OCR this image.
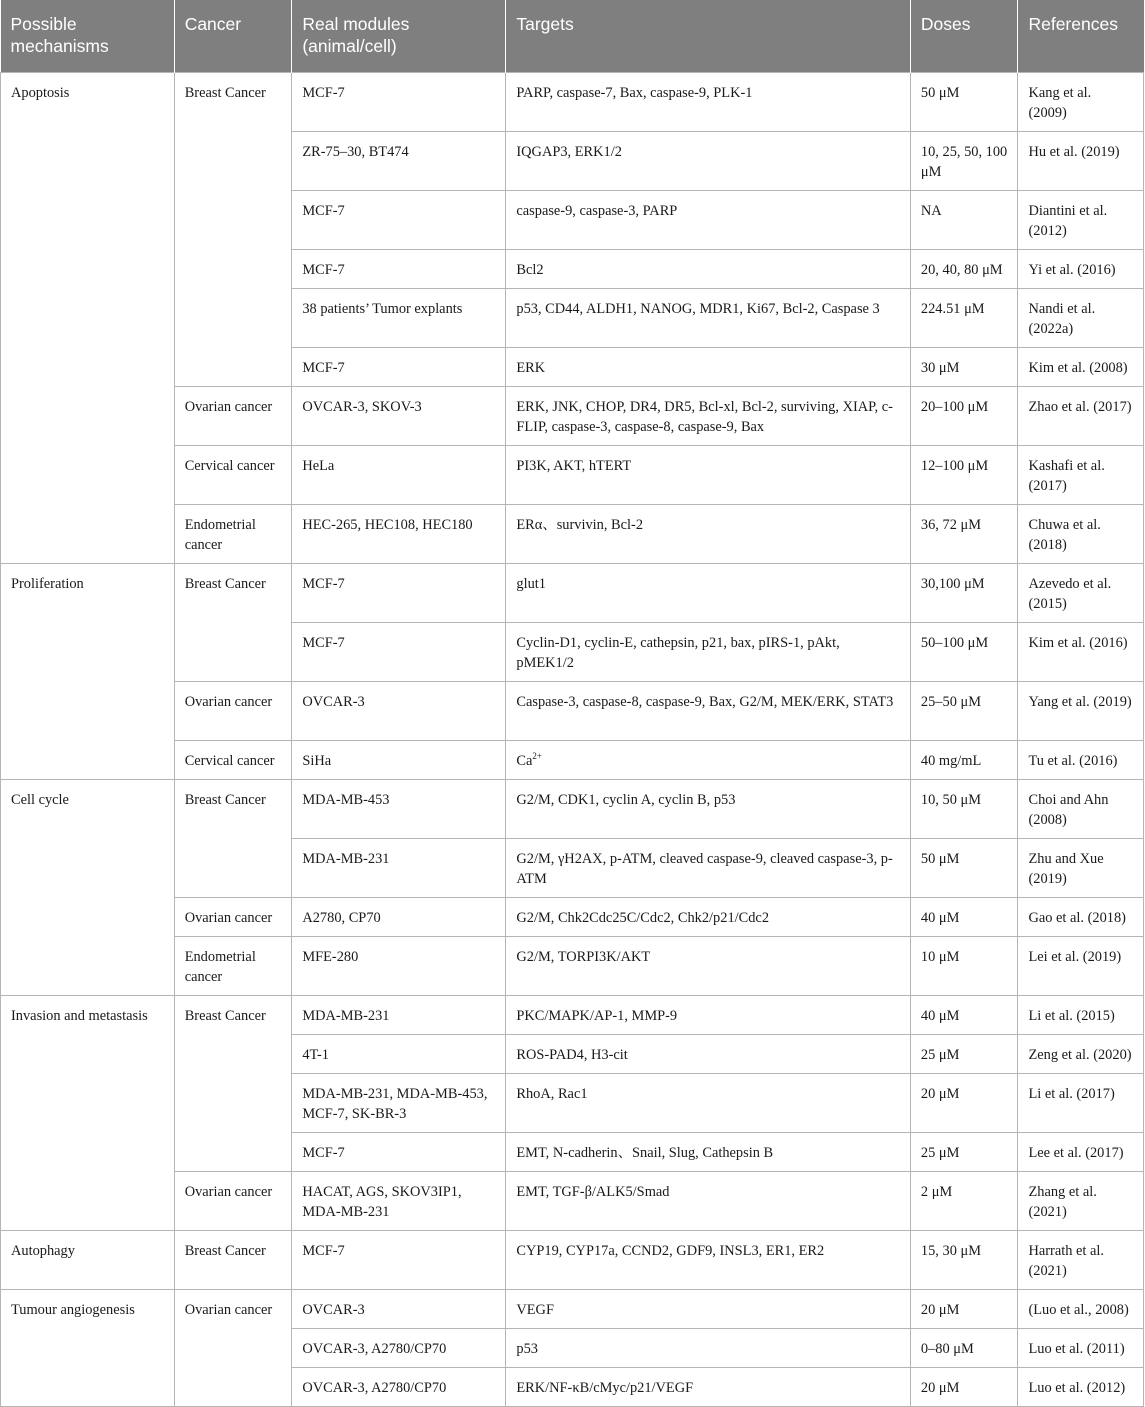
Possible mechanisms	Cancer	Real modules (animal/cell)	Targets	Doses	References
Apoptosis	Breast Cancer	MCF-7	PARP, caspase-7, Bax, caspase-9, PLK-1	50 μM	Kang et al. (2009)
		ZR-75–30, BT474	IQGAP3, ERK1/2	10, 25, 50, 100 μM	Hu et al. (2019)
		MCF-7	caspase-9, caspase-3, PARP	NA	Diantini et al. (2012)
		MCF-7	Bcl2	20, 40, 80 μM	Yi et al. (2016)
		38 patients’ Tumor explants	p53, CD44, ALDH1, NANOG, MDR1, Ki67, Bcl-2, Caspase 3	224.51 μM	Nandi et al. (2022a)
		MCF-7	ERK	30 μM	Kim et al. (2008)
	Ovarian cancer	OVCAR-3, SKOV-3	ERK, JNK, CHOP, DR4, DR5, Bcl-xl, Bcl-2, surviving, XIAP, c-FLIP, caspase-3, caspase-8, caspase-9, Bax	20–100 μM	Zhao et al. (2017)
	Cervical cancer	HeLa	PI3K, AKT, hTERT	12–100 μM	Kashafi et al. (2017)
	Endometrial cancer	HEC-265, HEC108, HEC180	ERα、survivin, Bcl-2	36, 72 μM	Chuwa et al. (2018)
Proliferation	Breast Cancer	MCF-7	glut1	30,100 μM	Azevedo et al. (2015)
		MCF-7	Cyclin-D1, cyclin-E, cathepsin, p21, bax, pIRS-1, pAkt, pMEK1/2	50–100 μM	Kim et al. (2016)
	Ovarian cancer	OVCAR-3	Caspase-3, caspase-8, caspase-9, Bax, G2/M, MEK/ERK, STAT3	25–50 μM	Yang et al. (2019)
	Cervical cancer	SiHa	$Ca^{2+}$	40 mg/mL	Tu et al. (2016)
Cell cycle	Breast Cancer	MDA-MB-453	G2/M, CDK1, cyclin A, cyclin B, p53	10, 50 μM	Choi and Ahn (2008)
		MDA-MB-231	G2/M, γH2AX, p-ATM, cleaved caspase-9, cleaved caspase-3, p-ATM	50 μM	Zhu and Xue (2019)
	Ovarian cancer	A2780, CP70	G2/M, Chk2Cdc25C/Cdc2, Chk2/p21/Cdc2	40 μM	Gao et al. (2018)
	Endometrial cancer	MFE-280	G2/M, TORPI3K/AKT	10 μM	Lei et al. (2019)
Invasion and metastasis	Breast Cancer	MDA-MB-231	PKC/MAPK/AP-1, MMP-9	40 μM	Li et al. (2015)
		4T-1	ROS-PAD4, H3-cit	25 μM	Zeng et al. (2020)
		MDA-MB-231, MDA-MB-453, MCF-7, SK-BR-3	RhoA, Rac1	20 μM	Li et al. (2017)
		MCF-7	EMT, N-cadherin、Snail, Slug, Cathepsin B	25 μM	Lee et al. (2017)
	Ovarian cancer	HACAT, AGS, SKOV3IP1, MDA-MB-231	EMT, TGF-β/ALK5/Smad	2 μM	Zhang et al. (2021)
Autophagy	Breast Cancer	MCF-7	CYP19, CYP17a, CCND2, GDF9, INSL3, ER1, ER2	15, 30 μM	Harrath et al. (2021)
Tumour angiogenesis	Ovarian cancer	OVCAR-3	VEGF	20 μM	(Luo et al., 2008)
		OVCAR-3, A2780/CP70	p53	0–80 μM	Luo et al. (2011)
		OVCAR-3, A2780/CP70	ERK/NF-κB/cMyc/p21/VEGF	20 μM	Luo et al. (2012)
